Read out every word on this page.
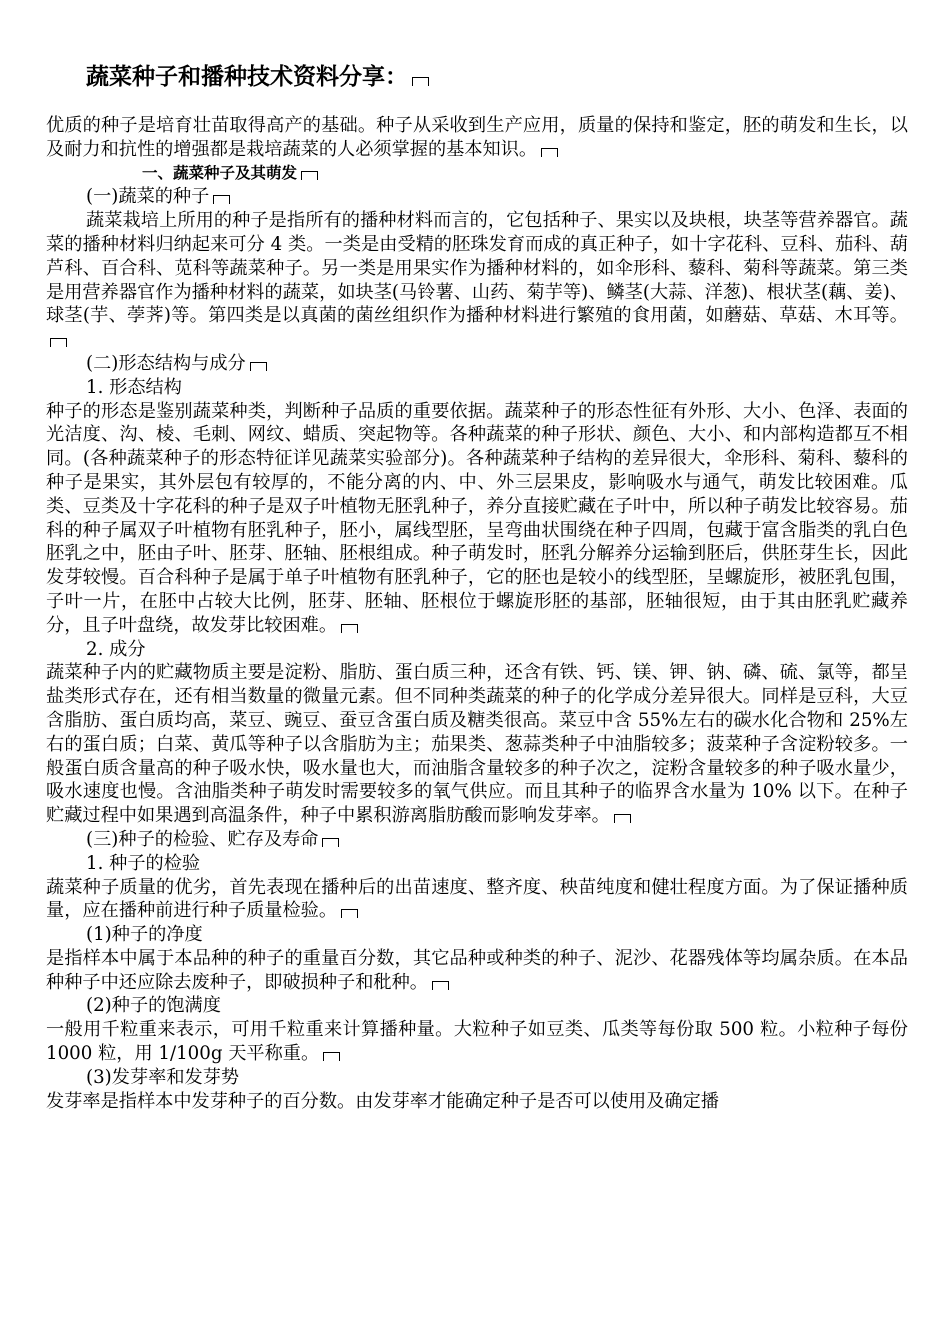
蔬菜种子和播种技术资料分享：

优质的种子是培育壮苗取得高产的基础。种子从采收到生产应用，质量的保持和鉴定，胚的萌发和生长，以及耐力和抗性的增强都是栽培蔬菜的人必须掌握的基本知识。

一、蔬菜种子及其萌发

(一)蔬菜的种子

蔬菜栽培上所用的种子是指所有的播种材料而言的，它包括种子、果实以及块根，块茎等营养器官。蔬菜的播种材料归纳起来可分 4 类。一类是由受精的胚珠发育而成的真正种子，如十字花科、豆科、茄科、葫芦科、百合科、苋科等蔬菜种子。另一类是用果实作为播种材料的，如伞形科、藜科、菊科等蔬菜。第三类是用营养器官作为播种材料的蔬菜，如块茎(马铃薯、山药、菊芋等)、鳞茎(大蒜、洋葱)、根状茎(藕、姜)、球茎(芋、荸荠)等。第四类是以真菌的菌丝组织作为播种材料进行繁殖的食用菌，如蘑菇、草菇、木耳等。

(二)形态结构与成分

1. 形态结构

种子的形态是鉴别蔬菜种类，判断种子品质的重要依据。蔬菜种子的形态性征有外形、大小、色泽、表面的光洁度、沟、棱、毛刺、网纹、蜡质、突起物等。各种蔬菜的种子形状、颜色、大小、和内部构造都互不相同。(各种蔬菜种子的形态特征详见蔬菜实验部分)。各种蔬菜种子结构的差异很大，伞形科、菊科、藜科的种子是果实，其外层包有较厚的，不能分离的内、中、外三层果皮，影响吸水与通气，萌发比较困难。瓜类、豆类及十字花科的种子是双子叶植物无胚乳种子，养分直接贮藏在子叶中，所以种子萌发比较容易。茄科的种子属双子叶植物有胚乳种子，胚小，属线型胚，呈弯曲状围绕在种子四周，包藏于富含脂类的乳白色胚乳之中，胚由子叶、胚芽、胚轴、胚根组成。种子萌发时，胚乳分解养分运输到胚后，供胚芽生长，因此发芽较慢。百合科种子是属于单子叶植物有胚乳种子，它的胚也是较小的线型胚，呈螺旋形，被胚乳包围，子叶一片，在胚中占较大比例，胚芽、胚轴、胚根位于螺旋形胚的基部，胚轴很短，由于其由胚乳贮藏养分，且子叶盘绕，故发芽比较困难。

2. 成分

蔬菜种子内的贮藏物质主要是淀粉、脂肪、蛋白质三种，还含有铁、钙、镁、钾、钠、磷、硫、氯等，都呈盐类形式存在，还有相当数量的微量元素。但不同种类蔬菜的种子的化学成分差异很大。同样是豆科，大豆含脂肪、蛋白质均高，菜豆、豌豆、蚕豆含蛋白质及糖类很高。菜豆中含 55%左右的碳水化合物和 25%左右的蛋白质；白菜、黄瓜等种子以含脂肪为主；茄果类、葱蒜类种子中油脂较多；菠菜种子含淀粉较多。一般蛋白质含量高的种子吸水快，吸水量也大，而油脂含量较多的种子次之，淀粉含量较多的种子吸水量少，吸水速度也慢。含油脂类种子萌发时需要较多的氧气供应。而且其种子的临界含水量为 10% 以下。在种子贮藏过程中如果遇到高温条件，种子中累积游离脂肪酸而影响发芽率。

(三)种子的检验、贮存及寿命

1. 种子的检验

蔬菜种子质量的优劣，首先表现在播种后的出苗速度、整齐度、秧苗纯度和健壮程度方面。为了保证播种质量，应在播种前进行种子质量检验。

(1)种子的净度

是指样本中属于本品种的种子的重量百分数，其它品种或种类的种子、泥沙、花器残体等均属杂质。在本品种种子中还应除去废种子，即破损种子和秕种。

(2)种子的饱满度

一般用千粒重来表示，可用千粒重来计算播种量。大粒种子如豆类、瓜类等每份取 500 粒。小粒种子每份 1000 粒，用 1/100g 天平称重。

(3)发芽率和发芽势

发芽率是指样本中发芽种子的百分数。由发芽率才能确定种子是否可以使用及确定播
